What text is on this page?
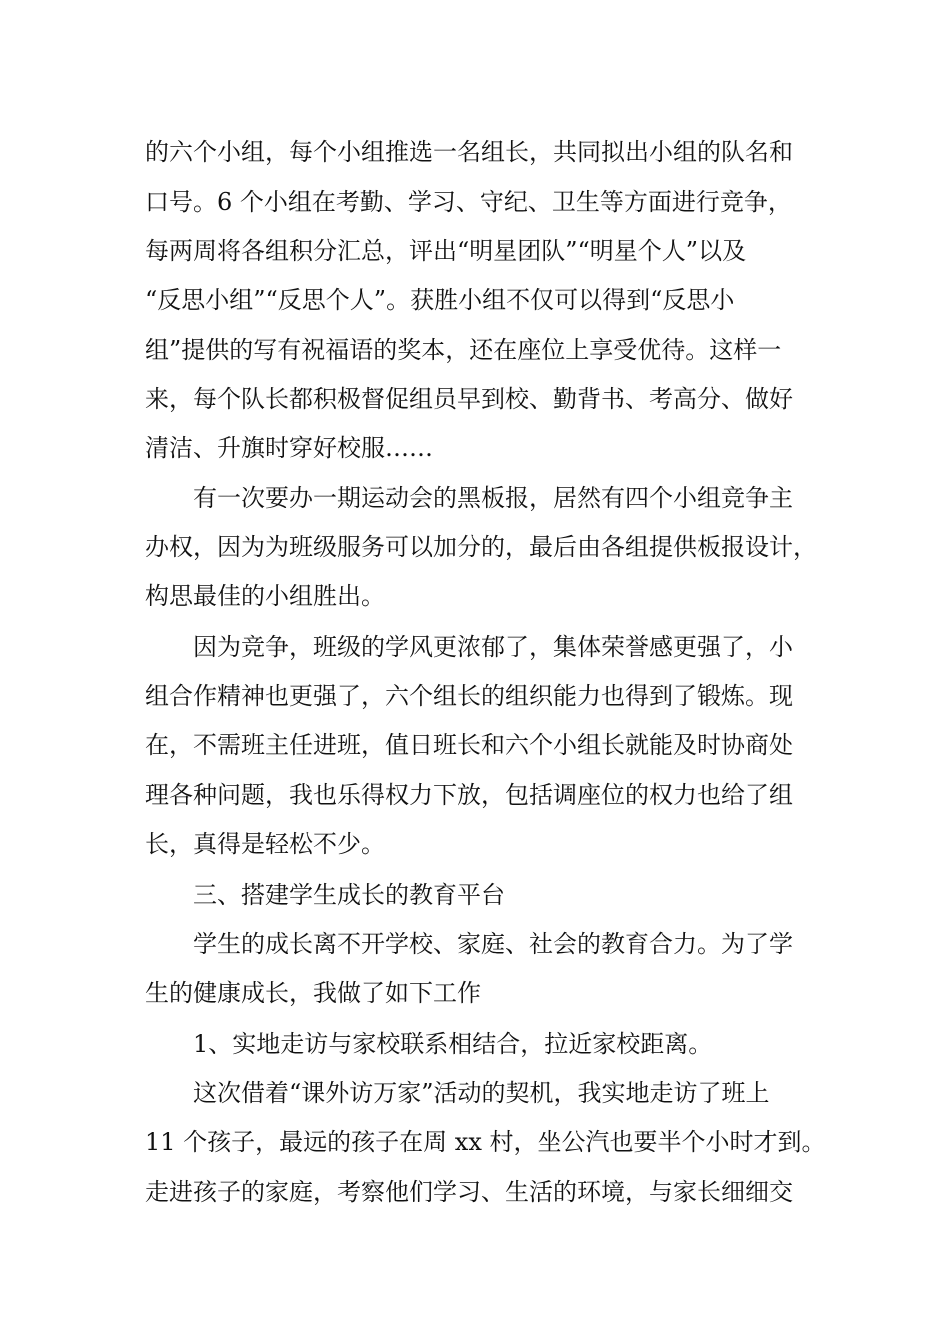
的六个小组，每个小组推选一名组长，共同拟出小组的队名和
口号。6 个小组在考勤、学习、守纪、卫生等方面进行竞争，
每两周将各组积分汇总，评出“明星团队”“明星个人”以及
“反思小组”“反思个人”。获胜小组不仅可以得到“反思小
组”提供的写有祝福语的奖本，还在座位上享受优待。这样一
来，每个队长都积极督促组员早到校、勤背书、考高分、做好
清洁、升旗时穿好校服……
有一次要办一期运动会的黑板报，居然有四个小组竞争主
办权，因为为班级服务可以加分的，最后由各组提供板报设计，
构思最佳的小组胜出。
因为竞争，班级的学风更浓郁了，集体荣誉感更强了，小
组合作精神也更强了，六个组长的组织能力也得到了锻炼。现
在，不需班主任进班，值日班长和六个小组长就能及时协商处
理各种问题，我也乐得权力下放，包括调座位的权力也给了组
长，真得是轻松不少。
三、搭建学生成长的教育平台
学生的成长离不开学校、家庭、社会的教育合力。为了学
生的健康成长，我做了如下工作
1、实地走访与家校联系相结合，拉近家校距离。
这次借着“课外访万家”活动的契机，我实地走访了班上
11 个孩子，最远的孩子在周 xx 村，坐公汽也要半个小时才到。
走进孩子的家庭，考察他们学习、生活的环境，与家长细细交
